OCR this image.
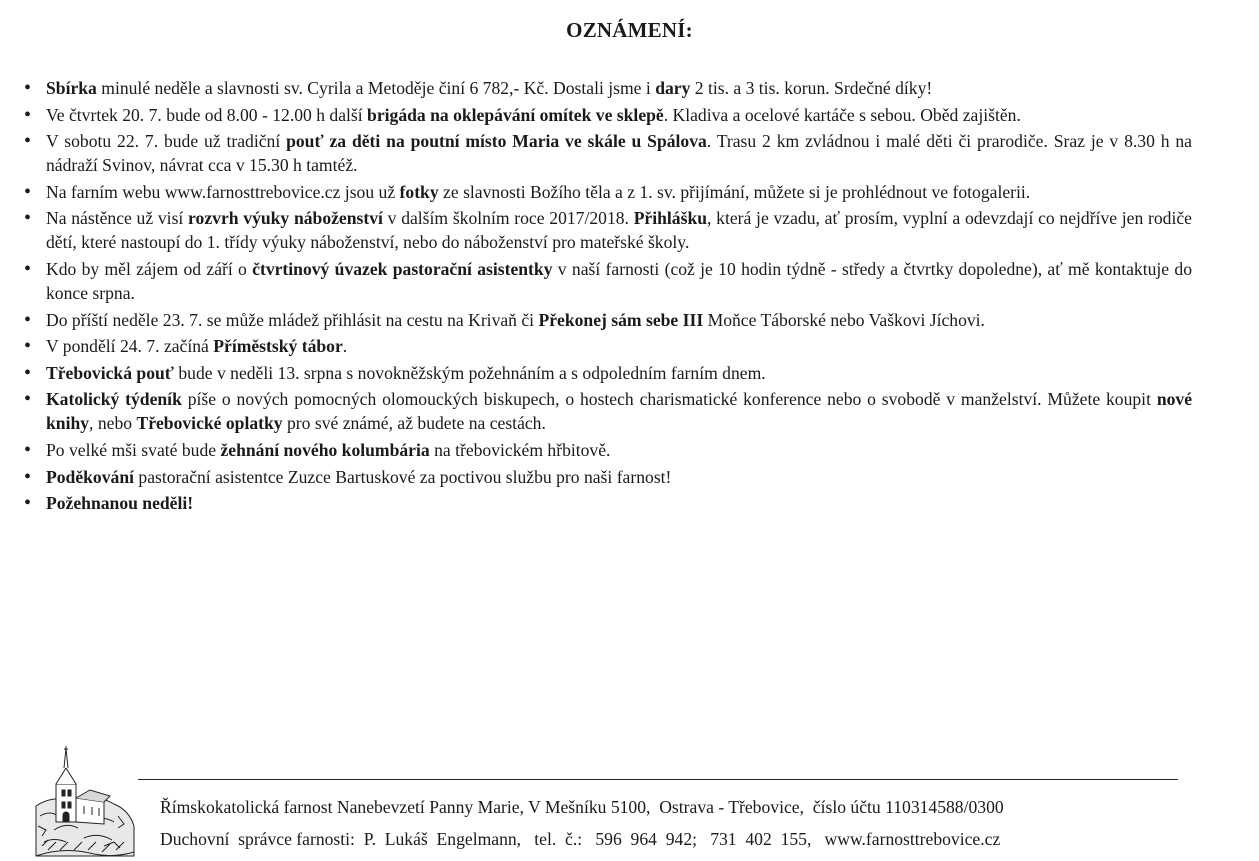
OZNÁMENÍ:
• Sbírka minulé neděle a slavnosti sv. Cyrila a Metoděje činí 6 782,- Kč. Dostali jsme i dary 2 tis. a 3 tis. korun. Srdečné díky!
• Ve čtvrtek 20. 7. bude od 8.00 - 12.00 h další brigáda na oklepávání omítek ve sklepě. Kladiva a ocelové kartáče s sebou. Oběd zajištěn.
• V sobotu 22. 7. bude už tradiční pouť za děti na poutní místo Maria ve skále u Spálova. Trasu 2 km zvládnou i malé děti či prarodiče. Sraz je v 8.30 h na nádraží Svinov, návrat cca v 15.30 h tamtéž.
• Na farním webu www.farnosttrebovice.cz jsou už fotky ze slavnosti Božího těla a z 1. sv. přijímání, můžete si je prohlédnout ve fotogalerii.
• Na nástěnce už visí rozvrh výuky náboženství v dalším školním roce 2017/2018. Přihlášku, která je vzadu, ať prosím, vyplní a odevzdají co nejdříve jen rodiče dětí, které nastoupí do 1. třídy výuky náboženství, nebo do náboženství pro mateřské školy.
• Kdo by měl zájem od září o čtvrtinový úvazek pastorační asistentky v naší farnosti (což je 10 hodin týdně - středy a čtvrtky dopoledne), ať mě kontaktuje do konce srpna.
• Do příští neděle 23. 7. se může mládež přihlásit na cestu na Krivaň či Překonej sám sebe III Moňce Táborské nebo Vaškovi Jíchovi.
• V pondělí 24. 7. začíná Příměstský tábor.
• Třebovická pouť bude v neděli 13. srpna s novokněžským požehnáním a s odpoledním farním dnem.
• Katolický týdeník píše o nových pomocných olomouckých biskupech, o hostech charismatické konference nebo o svobodě v manželství. Můžete koupit nové knihy, nebo Třebovické oplatky pro své známé, až budete na cestách.
• Po velké mši svaté bude žehnání nového kolumbária na třebovickém hřbitově.
• Poděkování pastorační asistentce Zuzce Bartuskové za poctivou službu pro naši farnost!
• Požehnanou neděli!
Římskokatolická farnost Nanebevzetí Panny Marie, V Mešníku 5100,  Ostrava - Třebovice,  číslo účtu 110314588/0300
Duchovní  správce farnosti:  P.  Lukáš  Engelmann,   tel.  č.:   596  964  942;   731  402  155,   www.farnosttrebovice.cz
